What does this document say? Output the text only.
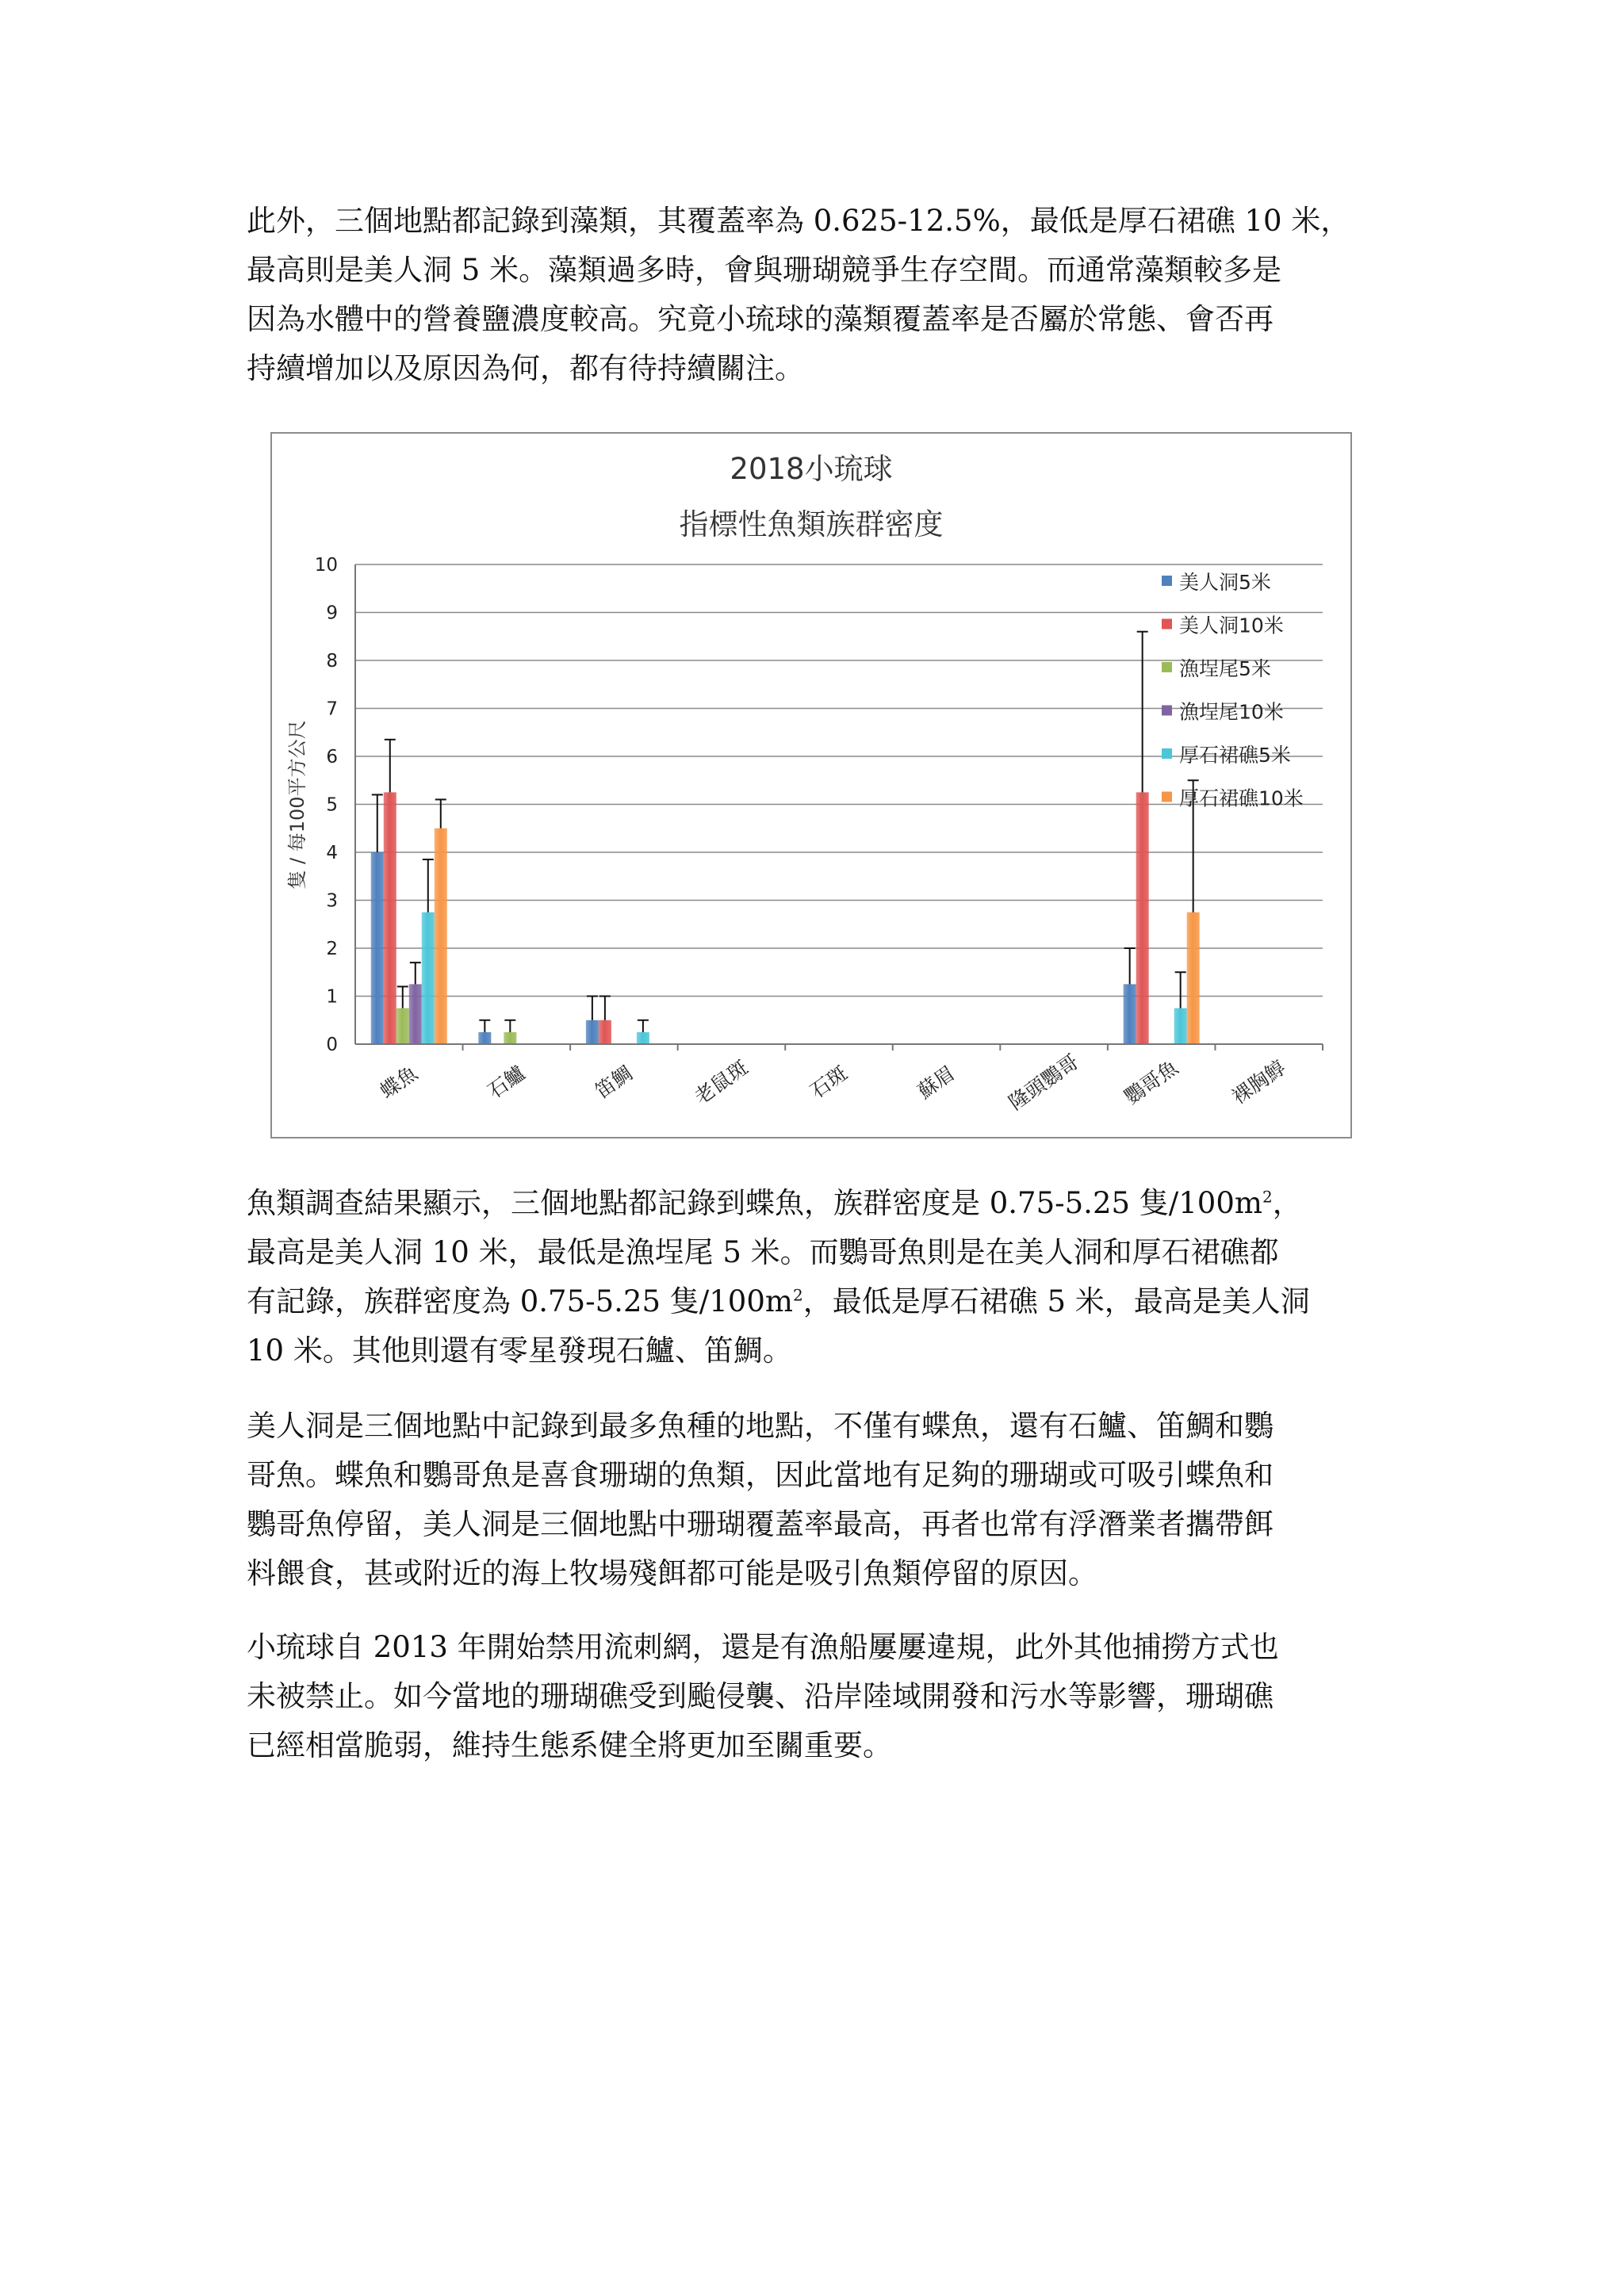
此外，三個地點都記錄到藻類，其覆蓋率為 0.625-12.5%，最低是厚石裙礁 10 米，
最高則是美人洞 5 米。藻類過多時，會與珊瑚競爭生存空間。而通常藻類較多是
因為水體中的營養鹽濃度較高。究竟小琉球的藻類覆蓋率是否屬於常態、會否再
持續增加以及原因為何，都有待持續關注。
2018小琉球
指標性魚類族群密度
隻 / 每100平方公尺
0
1
2
3
4
5
6
7
8
9
10
蝶魚	石鱸	笛鯛	老鼠斑	石斑	蘇眉 隆頭鸚哥 鸚哥魚 裸胸鯙
美人洞5米
美人洞10米
漁埕尾5米
漁埕尾10米
厚石裙礁5米
厚石裙礁10米
魚類調查結果顯示，三個地點都記錄到蝶魚，族群密度是 0.75-5.25 隻$/100m^2$，
最高是美人洞 10 米，最低是漁埕尾 5 米。而鸚哥魚則是在美人洞和厚石裙礁都
有記錄，族群密度為 0.75-5.25 隻$/100m^2$，最低是厚石裙礁 5 米，最高是美人洞
10 米。其他則還有零星發現石鱸、笛鯛。
美人洞是三個地點中記錄到最多魚種的地點，不僅有蝶魚，還有石鱸、笛鯛和鸚
哥魚。蝶魚和鸚哥魚是喜食珊瑚的魚類，因此當地有足夠的珊瑚或可吸引蝶魚和
鸚哥魚停留，美人洞是三個地點中珊瑚覆蓋率最高，再者也常有浮潛業者攜帶餌
料餵食，甚或附近的海上牧場殘餌都可能是吸引魚類停留的原因。
小琉球自 2013 年開始禁用流刺網，還是有漁船屢屢違規，此外其他捕撈方式也
未被禁止。如今當地的珊瑚礁受到颱侵襲、沿岸陸域開發和污水等影響，珊瑚礁
已經相當脆弱，維持生態系健全將更加至關重要。
